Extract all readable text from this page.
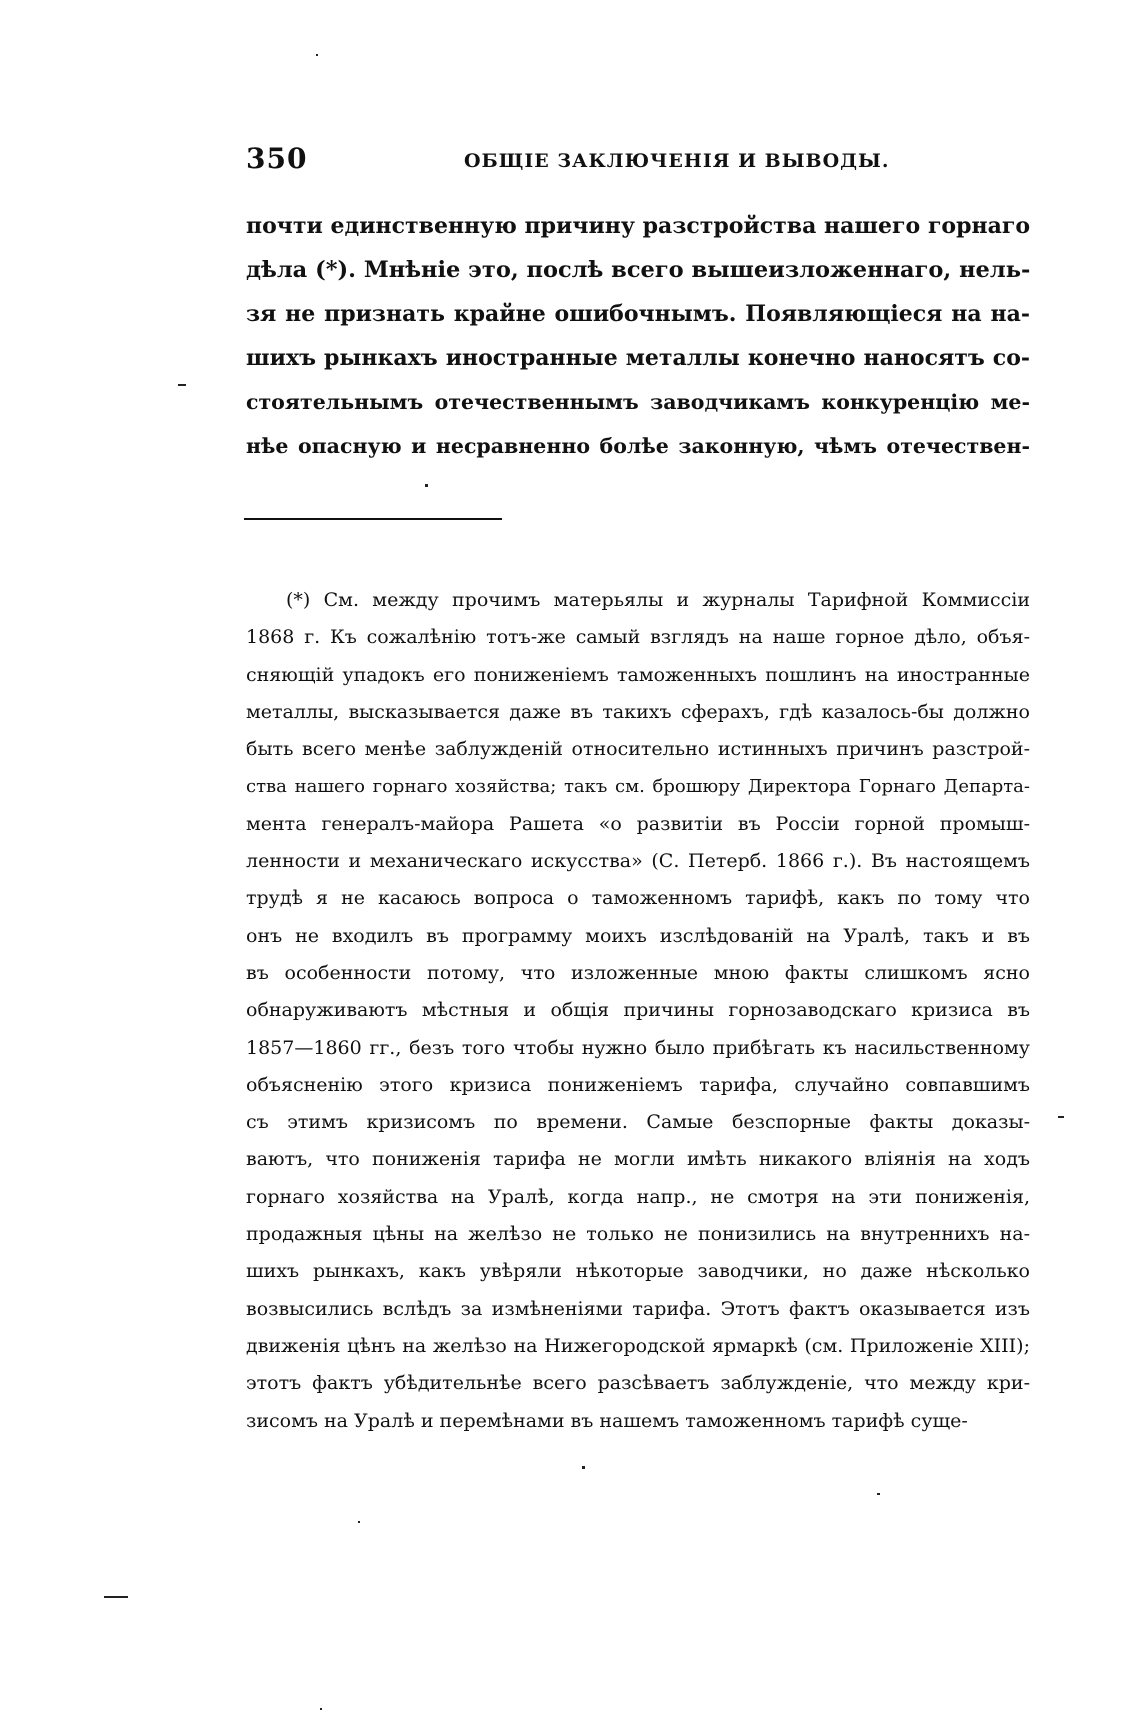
350	ОБЩІЕ ЗАКЛЮЧЕНІЯ И ВЫВОДЫ.
почти единственную причину разстройства нашего горнаго
дѣла (*). Мнѣніе это, послѣ всего вышеизложеннаго, нель-
зя не признать крайне ошибочнымъ. Появляющіеся на на-
шихъ рынкахъ иностранные металлы конечно наносятъ со-
стоятельнымъ отечественнымъ заводчикамъ конкуренцію ме-
нѣе опасную и несравненно болѣе законную, чѣмъ отечествен-
(*) См. между прочимъ матерьялы и журналы Тарифной Коммиссіи
1868 г. Къ сожалѣнію тотъ-же самый взглядъ на наше горное дѣло, объя-
сняющій упадокъ его пониженіемъ таможенныхъ пошлинъ на иностранные
металлы, высказывается даже въ такихъ сферахъ, гдѣ казалось-бы должно
быть всего менѣе заблужденій относительно истинныхъ причинъ разстрой-
ства нашего горнаго хозяйства; такъ см. брошюру Директора Горнаго Департа-
мента генералъ-майора Рашета «о развитіи въ Россіи горной промыш-
ленности и механическаго искусства» (С. Петерб. 1866 г.). Въ настоящемъ
трудѣ я не касаюсь вопроса о таможенномъ тарифѣ, какъ по тому что
онъ не входилъ въ программу моихъ изслѣдованій на Уралѣ, такъ и въ
въ особенности потому, что изложенные мною факты слишкомъ ясно
обнаруживаютъ мѣстныя и общія причины горнозаводскаго кризиса въ
1857—1860 гг., безъ того чтобы нужно было прибѣгать къ насильственному
объясненію этого кризиса пониженіемъ тарифа, случайно совпавшимъ
съ этимъ кризисомъ по времени. Самые безспорные факты доказы-
ваютъ, что пониженія тарифа не могли имѣть никакого вліянія на ходъ
горнаго хозяйства на Уралѣ, когда напр., не смотря на эти пониженія,
продажныя цѣны на желѣзо не только не понизились на внутреннихъ на-
шихъ рынкахъ, какъ увѣряли нѣкоторые заводчики, но даже нѣсколько
возвысились вслѣдъ за измѣненіями тарифа. Этотъ фактъ оказывается изъ
движенія цѣнъ на желѣзо на Нижегородской ярмаркѣ (см. Приложеніе XIII);
этотъ фактъ убѣдительнѣе всего разсѣваетъ заблужденіе, что между кри-
зисомъ на Уралѣ и перемѣнами въ нашемъ таможенномъ тарифѣ суще-
